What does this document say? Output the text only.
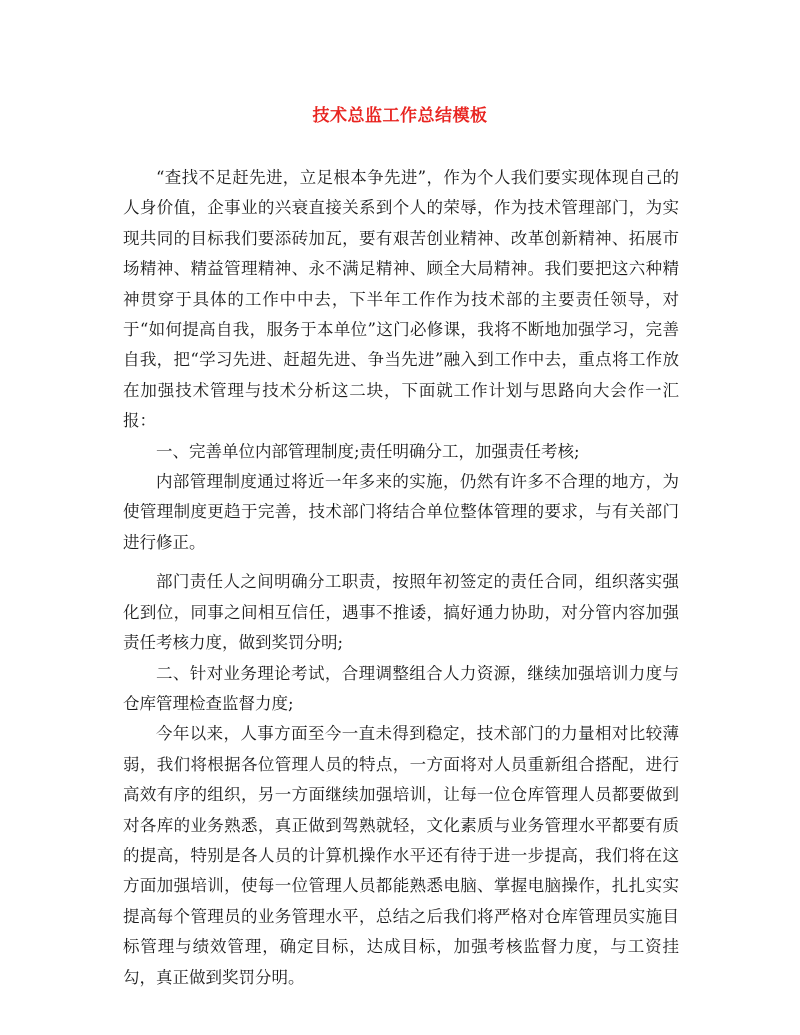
技术总监工作总结模板

“查找不足赶先进，立足根本争先进”，作为个人我们要实现体现自己的人身价值，企事业的兴衰直接关系到个人的荣辱，作为技术管理部门，为实现共同的目标我们要添砖加瓦，要有艰苦创业精神、改革创新精神、拓展市场精神、精益管理精神、永不满足精神、顾全大局精神。我们要把这六种精神贯穿于具体的工作中中去，下半年工作作为技术部的主要责任领导，对于“如何提高自我，服务于本单位”这门必修课，我将不断地加强学习，完善自我，把“学习先进、赶超先进、争当先进”融入到工作中去，重点将工作放在加强技术管理与技术分析这二块，下面就工作计划与思路向大会作一汇报：

一、完善单位内部管理制度;责任明确分工，加强责任考核;

内部管理制度通过将近一年多来的实施，仍然有许多不合理的地方，为使管理制度更趋于完善，技术部门将结合单位整体管理的要求，与有关部门进行修正。

部门责任人之间明确分工职责，按照年初签定的责任合同，组织落实强化到位，同事之间相互信任，遇事不推诿，搞好通力协助，对分管内容加强责任考核力度，做到奖罚分明;

二、针对业务理论考试，合理调整组合人力资源，继续加强培训力度与仓库管理检查监督力度;

今年以来，人事方面至今一直未得到稳定，技术部门的力量相对比较薄弱，我们将根据各位管理人员的特点，一方面将对人员重新组合搭配，进行高效有序的组织，另一方面继续加强培训，让每一位仓库管理人员都要做到对各库的业务熟悉，真正做到驾熟就轻，文化素质与业务管理水平都要有质的提高，特别是各人员的计算机操作水平还有待于进一步提高，我们将在这方面加强培训，使每一位管理人员都能熟悉电脑、掌握电脑操作，扎扎实实提高每个管理员的业务管理水平，总结之后我们将严格对仓库管理员实施目标管理与绩效管理，确定目标，达成目标，加强考核监督力度，与工资挂勾，真正做到奖罚分明。
